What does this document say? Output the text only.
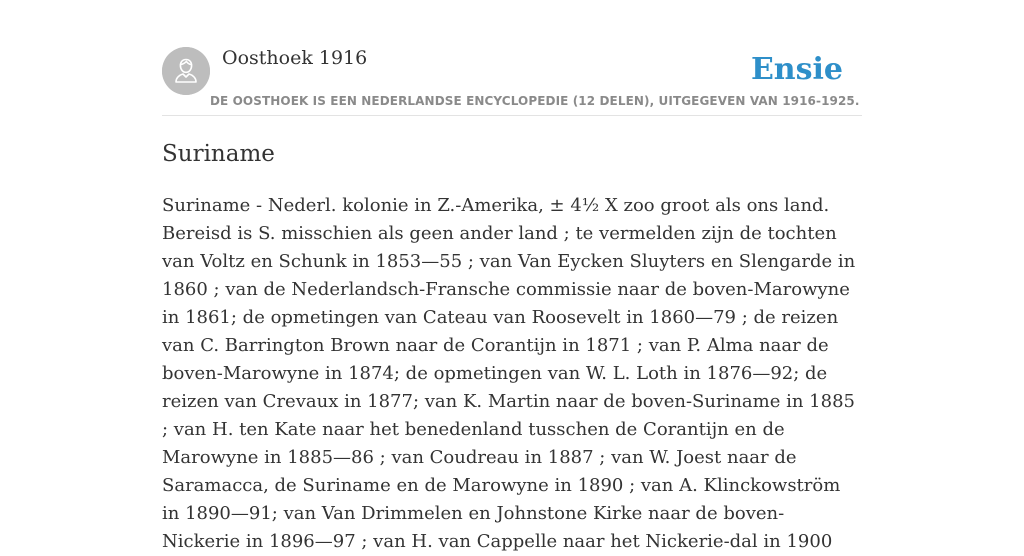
Oosthoek 1916	Ensie
DE OOSTHOEK IS EEN NEDERLANDSE ENCYCLOPEDIE (12 DELEN), UITGEGEVEN VAN 1916-1925.
Suriname

Suriname - Nederl. kolonie in Z.-Amerika, ± 4½ X zoo groot als ons land. Bereisd is S. misschien als geen ander land ; te vermelden zijn de tochten van Voltz en Schunk in 1853—55 ; van Van Eycken Sluyters en Slengarde in 1860 ; van de Nederlandsch-Fransche commissie naar de boven-Marowyne in 1861; de opmetingen van Cateau van Roosevelt in 1860—79 ; de reizen van C. Barrington Brown naar de Corantijn in 1871 ; van P. Alma naar de boven-Marowyne in 1874; de opmetingen van W. L. Loth in 1876—92; de reizen van Crevaux in 1877; van K. Martin naar de boven-Suriname in 1885 ; van H. ten Kate naar het benedenland tusschen de Corantijn en de Marowyne in 1885—86 ; van Coudreau in 1887 ; van W. Joest naar de Saramacca, de Suriname en de Marowyne in 1890 ; van A. Klinckowström in 1890—91; van Van Drimmelen en Johnstone Kirke naar de boven-Nickerie in 1896—97 ; van H. van Cappelle naar het Nickerie-dal in 1900
